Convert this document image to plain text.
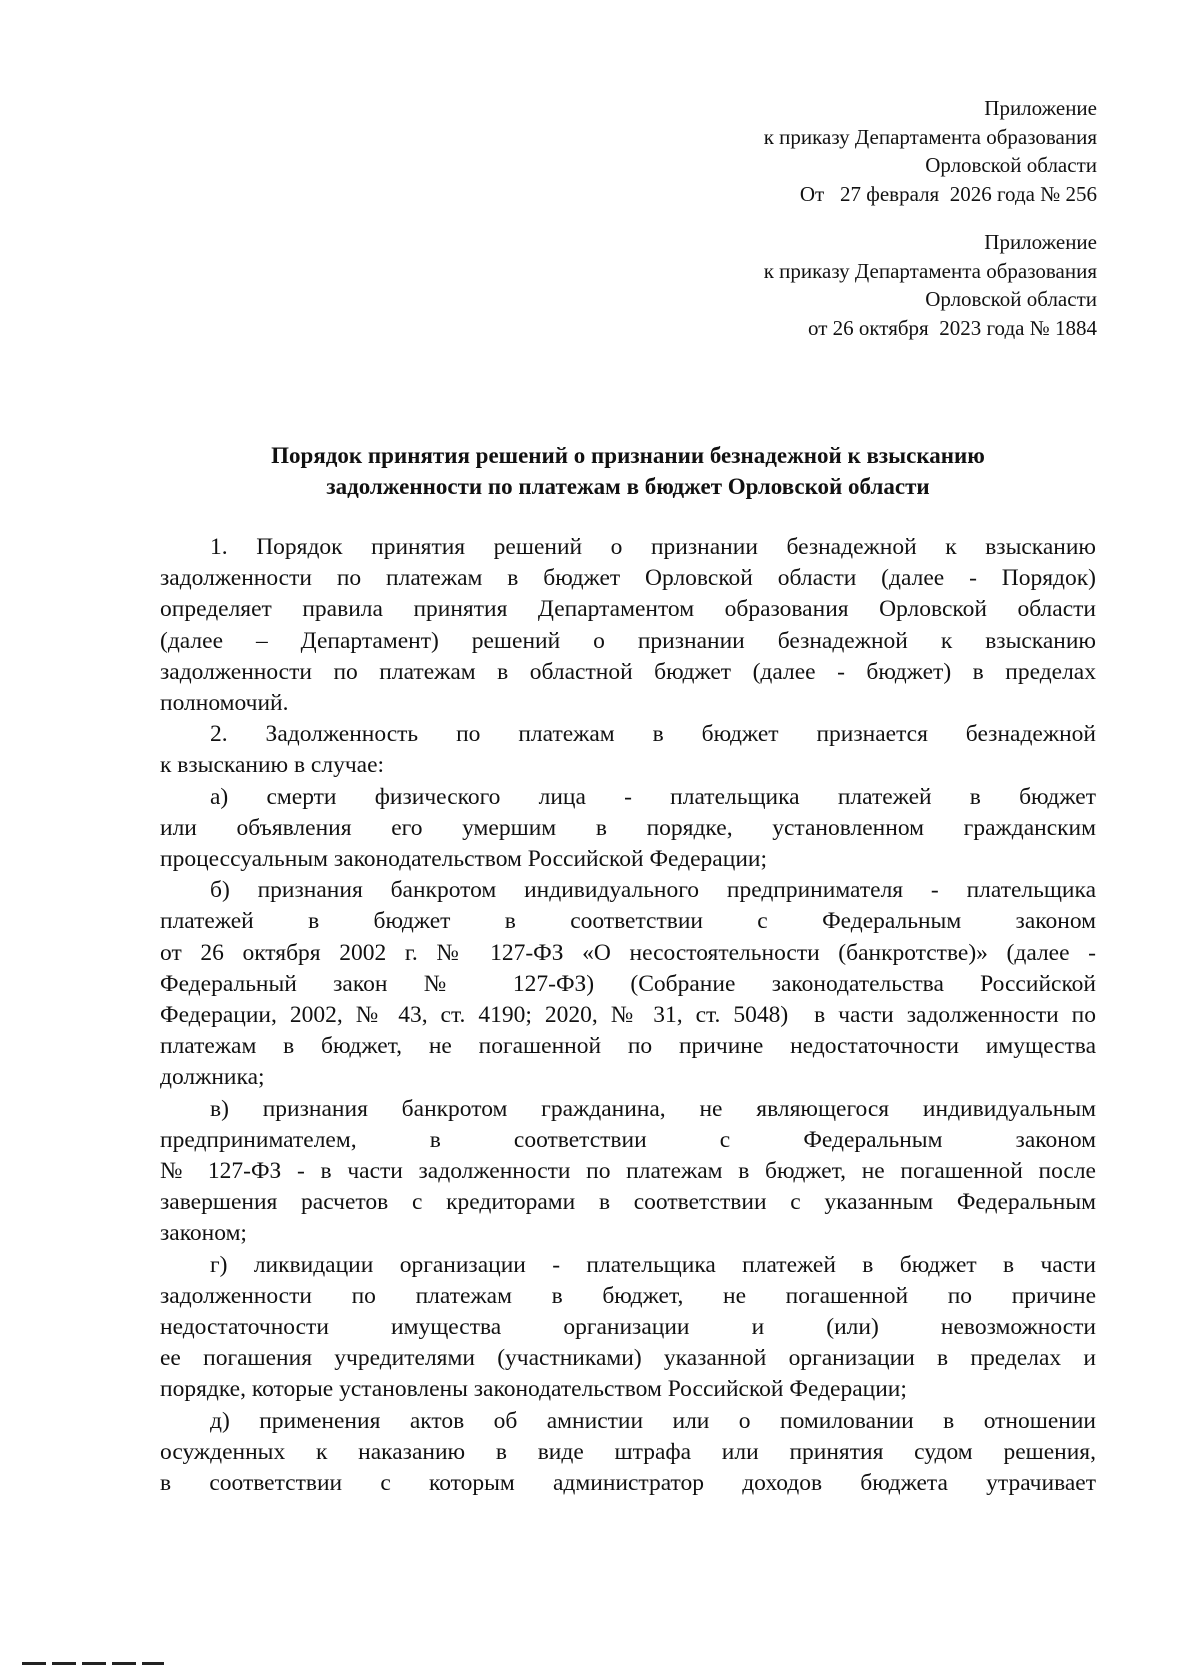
Приложение
к приказу Департамента образования
Орловской области
От   27 февраля  2026 года № 256
Приложение
к приказу Департамента образования
Орловской области
от 26 октября  2023 года № 1884
Порядок принятия решений о признании безнадежной к взысканию
задолженности по платежам в бюджет Орловской области

1. Порядок принятия решений о признании безнадежной к взысканию
задолженности по платежам в бюджет Орловской области (далее - Порядок)
определяет правила принятия Департаментом образования Орловской области
(далее – Департамент) решений о признании безнадежной к взысканию
задолженности по платежам в областной бюджет (далее - бюджет) в пределах
полномочий.

2. Задолженность по платежам в бюджет признается безнадежной
к взысканию в случае:

а) смерти физического лица - плательщика платежей в бюджет
или объявления его умершим в порядке, установленном гражданским
процессуальным законодательством Российской Федерации;

б) признания банкротом индивидуального предпринимателя - плательщика
платежей в бюджет в соответствии с Федеральным законом
от 26 октября 2002 г. № 127-ФЗ «О несостоятельности (банкротстве)» (далее -
Федеральный закон № 127-ФЗ) (Собрание законодательства Российской
Федерации, 2002, № 43, ст. 4190; 2020, № 31, ст. 5048)  в части задолженности по
платежам в бюджет, не погашенной по причине недостаточности имущества
должника;

в) признания банкротом гражданина, не являющегося индивидуальным
предпринимателем, в соответствии с Федеральным законом
№ 127-ФЗ - в части задолженности по платежам в бюджет, не погашенной после
завершения расчетов с кредиторами в соответствии с указанным Федеральным
законом;

г) ликвидации организации - плательщика платежей в бюджет в части
задолженности по платежам в бюджет, не погашенной по причине
недостаточности имущества организации и (или) невозможности
ее погашения учредителями (участниками) указанной организации в пределах и
порядке, которые установлены законодательством Российской Федерации;

д) применения актов об амнистии или о помиловании в отношении
осужденных к наказанию в виде штрафа или принятия судом решения,
в соответствии с которым администратор доходов бюджета утрачивает
